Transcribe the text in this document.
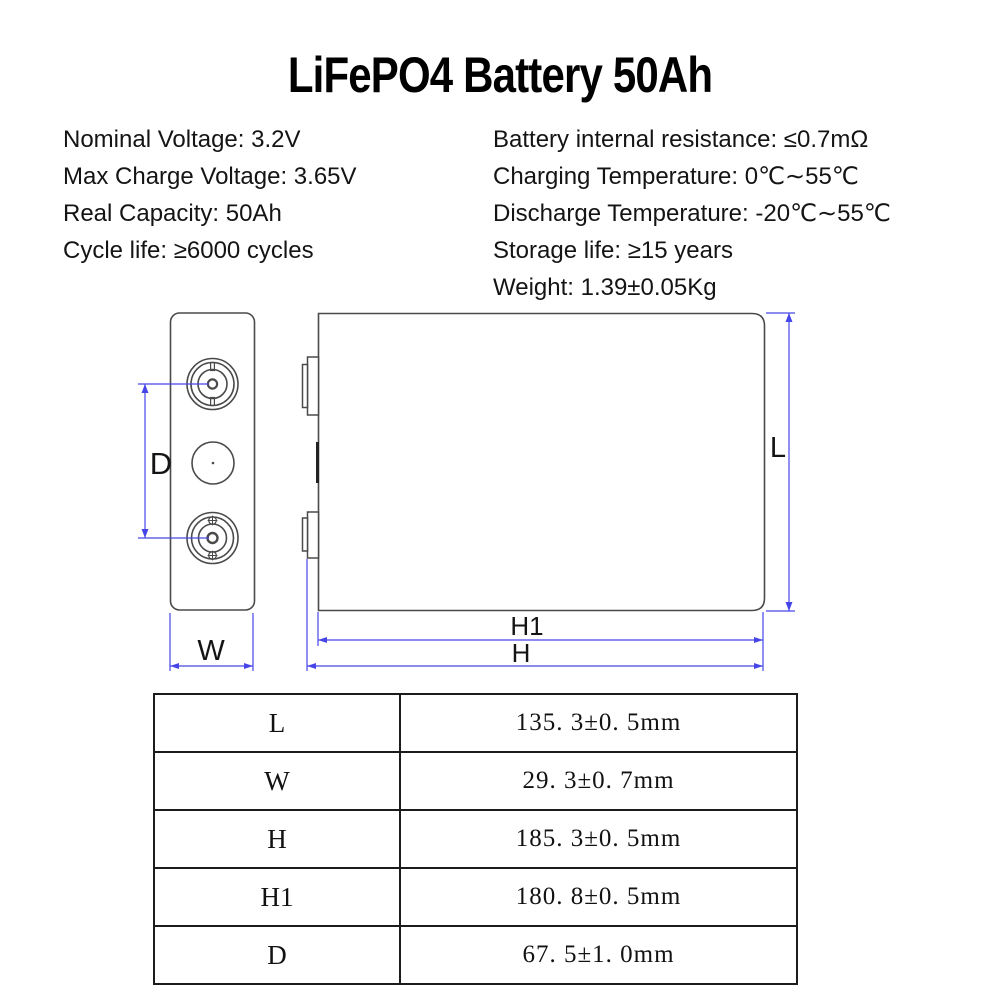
LiFePO4 Battery 50Ah
Nominal Voltage: 3.2V
Max Charge Voltage: 3.65V
Real Capacity: 50Ah
Cycle life: ≥6000 cycles
Battery internal resistance: ≤0.7mΩ
Charging Temperature: 0℃∼55℃
Discharge Temperature: -20℃∼55℃
Storage life: ≥15 years
Weight: 1.39±0.05Kg
D
W
L
H1
H
L	135. 3±0. 5mm
W	29. 3±0. 7mm
H	185. 3±0. 5mm
H1	180. 8±0. 5mm
D	67. 5±1. 0mm
